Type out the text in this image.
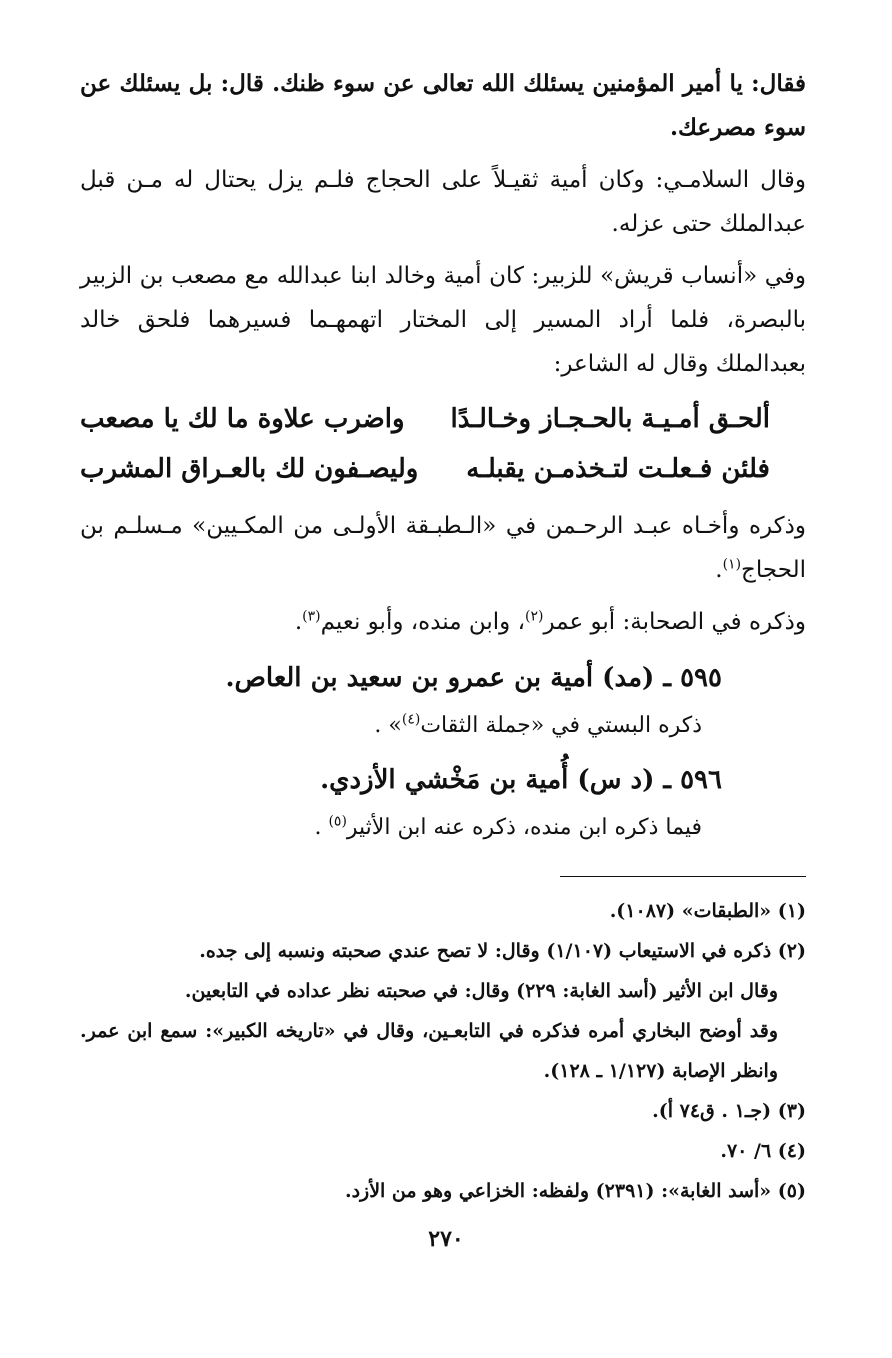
فقال: يا أمير المؤمنين يسئلك الله تعالى عن سوء ظنك. قال: بل يسئلك عن سوء مصرعك.

وقال السلامـي: وكان أمية ثقيـلاً على الحجاج فلـم يزل يحتال له مـن قبل عبدالملك حتى عزله.

وفي «أنساب قريش» للزبير: كان أمية وخالد ابنا عبدالله مع مصعب بن الزبير بالبصرة، فلما أراد المسير إلى المختار اتهمهـما فسيرهما فلحق خالد بعبدالملك وقال له الشاعر:

ألحـق أمـيـة بالحـجـاز وخـالـدًا
واضرب علاوة ما لك يا مصعب
فلئن فـعلـت لتـخذمـن يقبلـه
وليصـفون لك بالعـراق المشرب

وذكره وأخـاه عبـد الرحـمن في «الـطبـقة الأولـى من المكـيين» مـسلـم بن الحجاج$^{(١)}$.

وذكره في الصحابة: أبو عمر$^{(٢)}$، وابن منده، وأبو نعيم$^{(٣)}$.

٥٩٥ ـ (مد) أمية بن عمرو بن سعيد بن العاص.
ذكره البستي في «جملة الثقات$^{(٤)}$» .
٥٩٦ ـ (د س) أُمية بن مَخْشي الأزدي.
فيما ذكره ابن منده، ذكره عنه ابن الأثير$^{(٥)}$ .

(١) «الطبقات» (١٠٨٧).

(٢) ذكره في الاستيعاب (١/١٠٧) وقال: لا تصح عندي صحبته ونسبه إلى جده.

وقال ابن الأثير (أسد الغابة: ٢٢٩) وقال: في صحبته نظر عداده في التابعين.

وقد أوضح البخاري أمره فذكره في التابعـين، وقال في «تاريخه الكبير»: سمع ابن عمر. وانظر الإصابة (١/١٢٧ ـ ١٢٨).

(٣) (جـ١ . ق٧٤ أ).

(٤) ٦/ ٧٠.

(٥) «أسد الغابة»: (٢٣٩١) ولفظه: الخزاعي وهو من الأزد.

٢٧٠
